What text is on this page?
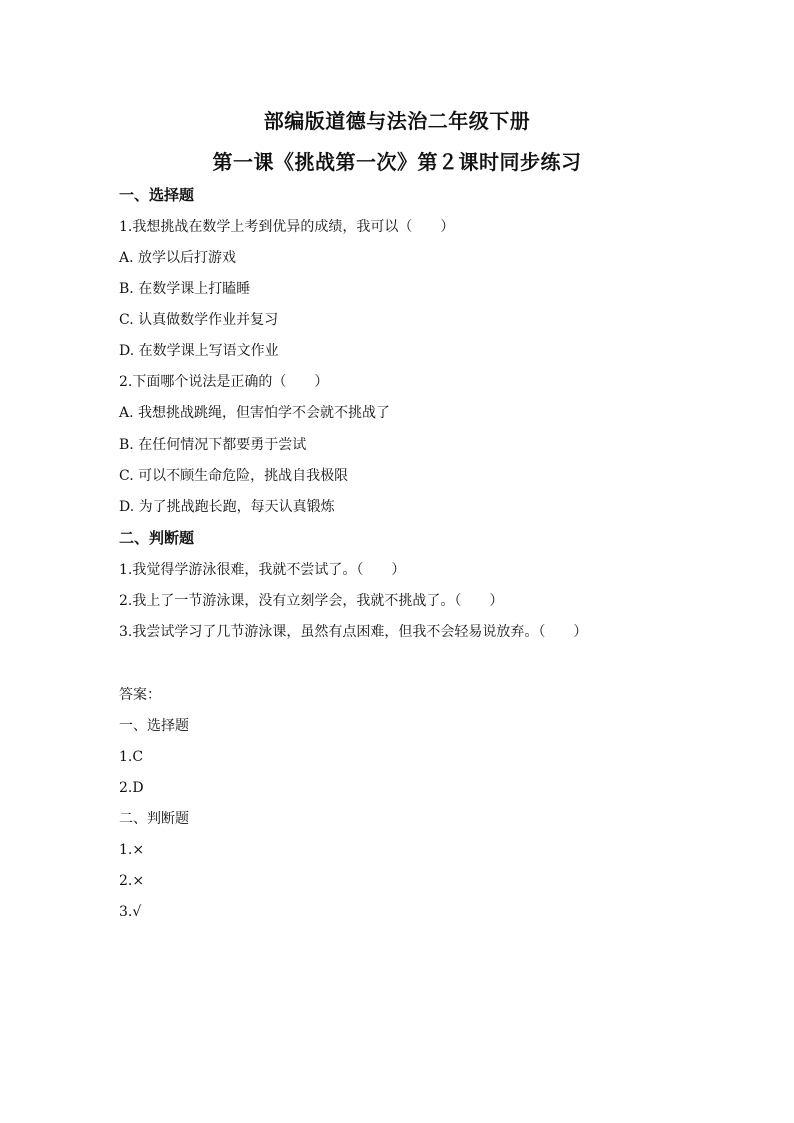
部编版道德与法治二年级下册
第一课《挑战第一次》第２课时同步练习
一、选择题
1.我想挑战在数学上考到优异的成绩，我可以（　　）
A. 放学以后打游戏
B. 在数学课上打瞌睡
C. 认真做数学作业并复习
D. 在数学课上写语文作业
2.下面哪个说法是正确的（　　）
A. 我想挑战跳绳，但害怕学不会就不挑战了
B. 在任何情况下都要勇于尝试
C. 可以不顾生命危险，挑战自我极限
D. 为了挑战跑长跑，每天认真锻炼
二、判断题
1.我觉得学游泳很难，我就不尝试了。（　　）
2.我上了一节游泳课，没有立刻学会，我就不挑战了。（　　）
3.我尝试学习了几节游泳课，虽然有点困难，但我不会轻易说放弃。（　　）
答案：
一、选择题
1.C
2.D
二、判断题
1.×
2.×
3.√
